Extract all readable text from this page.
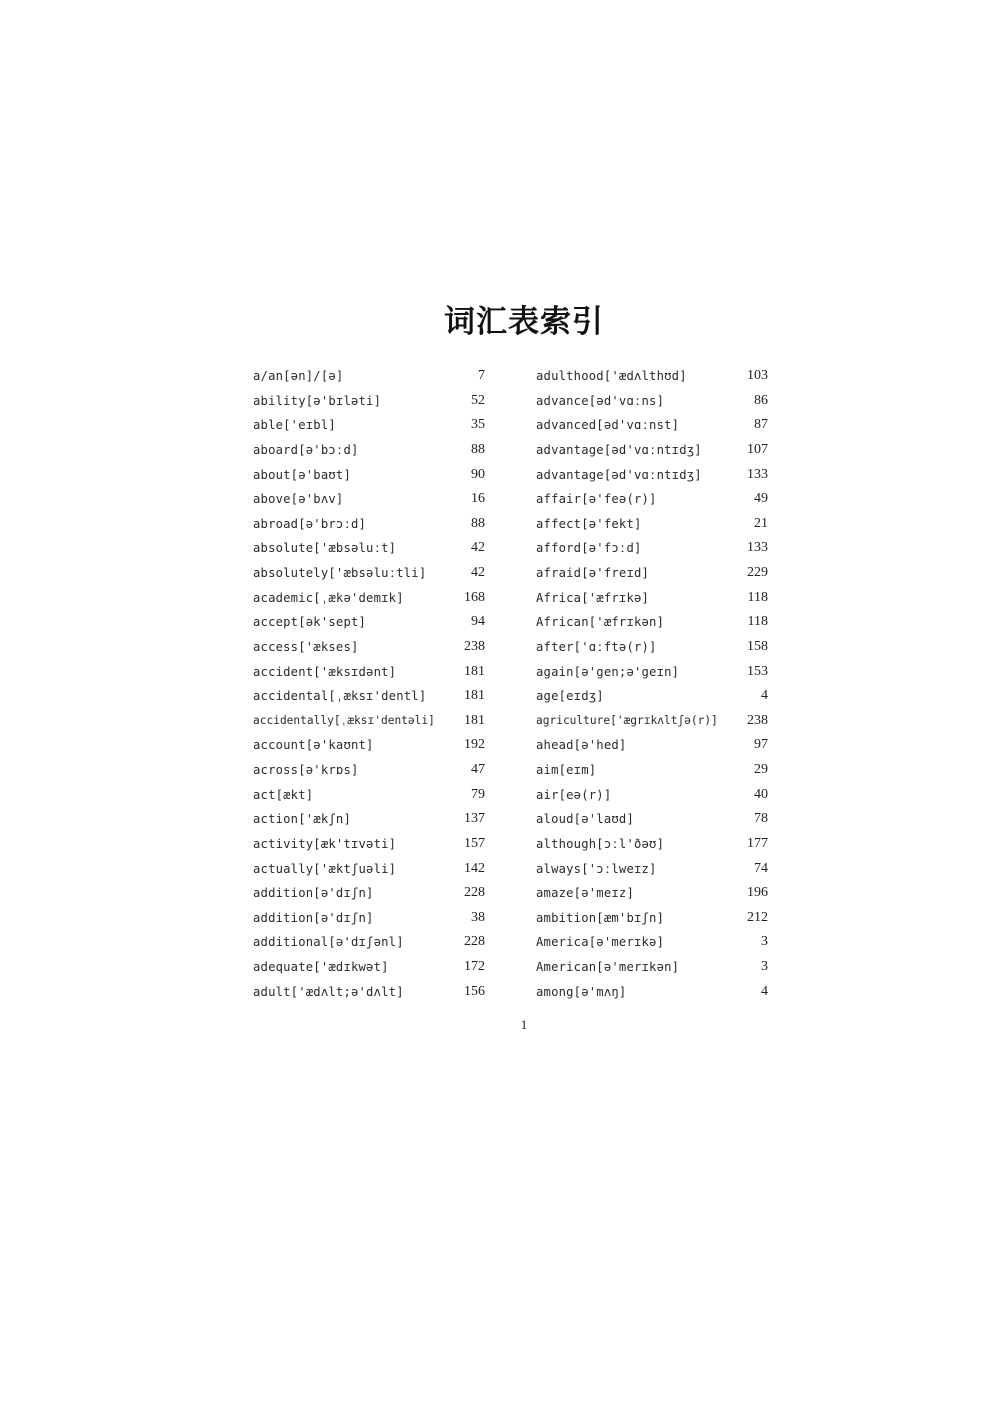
词汇表索引
a/an[ən]/[ə]	7
ability[ə'bɪləti]	52
able['eɪbl]	35
aboard[ə'bɔːd]	88
about[ə'baʊt]	90
above[ə'bʌv]	16
abroad[ə'brɔːd]	88
absolute['æbsəluːt]	42
absolutely['æbsəluːtli]	42
academic[ˌækə'demɪk]	168
accept[ək'sept]	94
access['ækses]	238
accident['æksɪdənt]	181
accidental[ˌæksɪ'dentl]	181
accidentally[ˌæksɪ'dentəli] 181
account[ə'kaʊnt]	192
across[ə'krɒs]	47
act[ækt]	79
action['ækʃn]	137
activity[æk'tɪvəti]	157
actually['æktʃuəli]	142
addition[ə'dɪʃn]	228
addition[ə'dɪʃn]	38
additional[ə'dɪʃənl]	228
adequate['ædɪkwət]	172
adult['ædʌlt;ə'dʌlt]	156
adulthood['ædʌlthʊd]	103
advance[əd'vɑːns]	86
advanced[əd'vɑːnst]	87
advantage[əd'vɑːntɪdʒ]	107
advantage[əd'vɑːntɪdʒ]	133
affair[ə'feə(r)]	49
affect[ə'fekt]	21
afford[ə'fɔːd]	133
afraid[ə'freɪd]	229
Africa['æfrɪkə]	118
African['æfrɪkən]	118
after['ɑːftə(r)]	158
again[ə'gen;ə'geɪn]	153
age[eɪdʒ]	4
agriculture['ægrɪkʌltʃə(r)] 238
ahead[ə'hed]	97
aim[eɪm]	29
air[eə(r)]	40
aloud[ə'laʊd]	78
although[ɔːl'ðəʊ]	177
always['ɔːlweɪz]	74
amaze[ə'meɪz]	196
ambition[æm'bɪʃn]	212
America[ə'merɪkə]	3
American[ə'merɪkən]	3
among[ə'mʌŋ]	4
1
